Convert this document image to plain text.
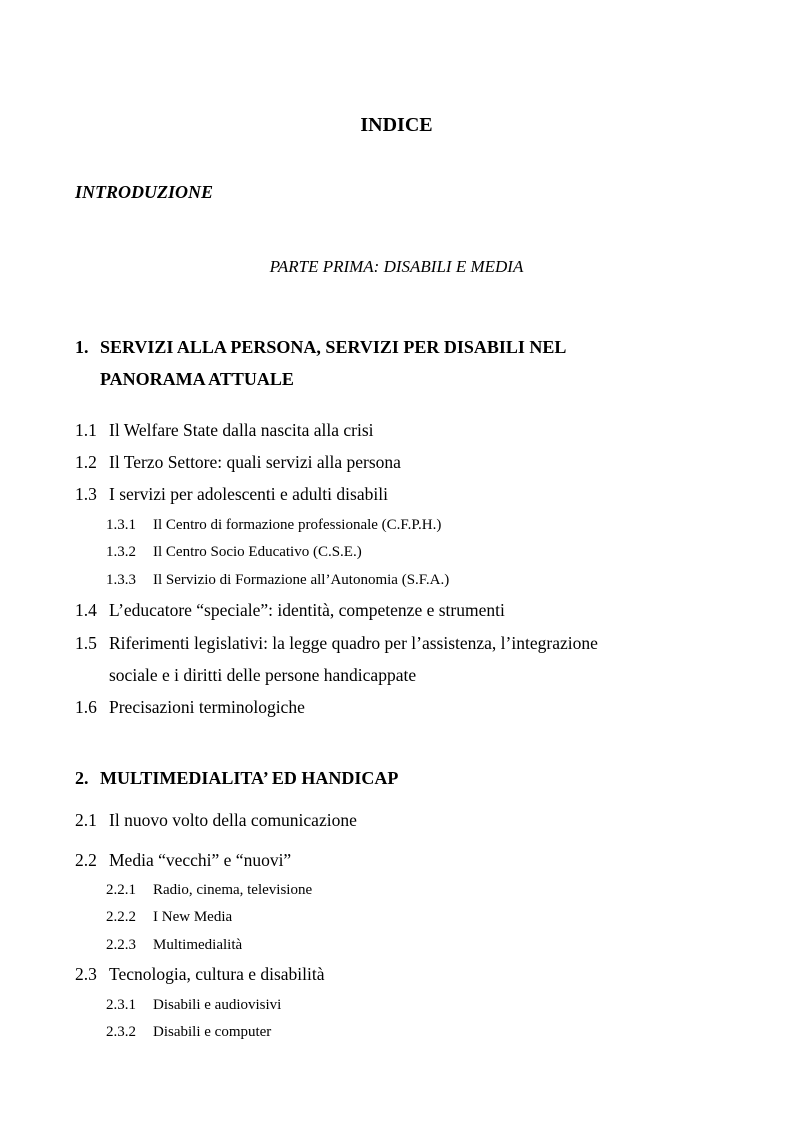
INDICE
INTRODUZIONE
PARTE PRIMA: DISABILI E MEDIA
1. SERVIZI ALLA PERSONA, SERVIZI PER DISABILI NEL
PANORAMA ATTUALE
1.1 Il Welfare State dalla nascita alla crisi
1.2 Il Terzo Settore: quali servizi alla persona
1.3 I servizi per adolescenti e adulti disabili
1.3.1 Il Centro di formazione professionale (C.F.P.H.)
1.3.2 Il Centro Socio Educativo (C.S.E.)
1.3.3 Il Servizio di Formazione all’Autonomia (S.F.A.)
1.4 L’educatore “speciale”: identità, competenze e strumenti
1.5 Riferimenti legislativi: la legge quadro per l’assistenza, l’integrazione
sociale e i diritti delle persone handicappate
1.6 Precisazioni terminologiche
2. MULTIMEDIALITA’ ED HANDICAP
2.1 Il nuovo volto della comunicazione
2.2 Media “vecchi” e “nuovi”
2.2.1 Radio, cinema, televisione
2.2.2 I New Media
2.2.3 Multimedialità
2.3 Tecnologia, cultura e disabilità
2.3.1 Disabili e audiovisivi
2.3.2 Disabili e computer
